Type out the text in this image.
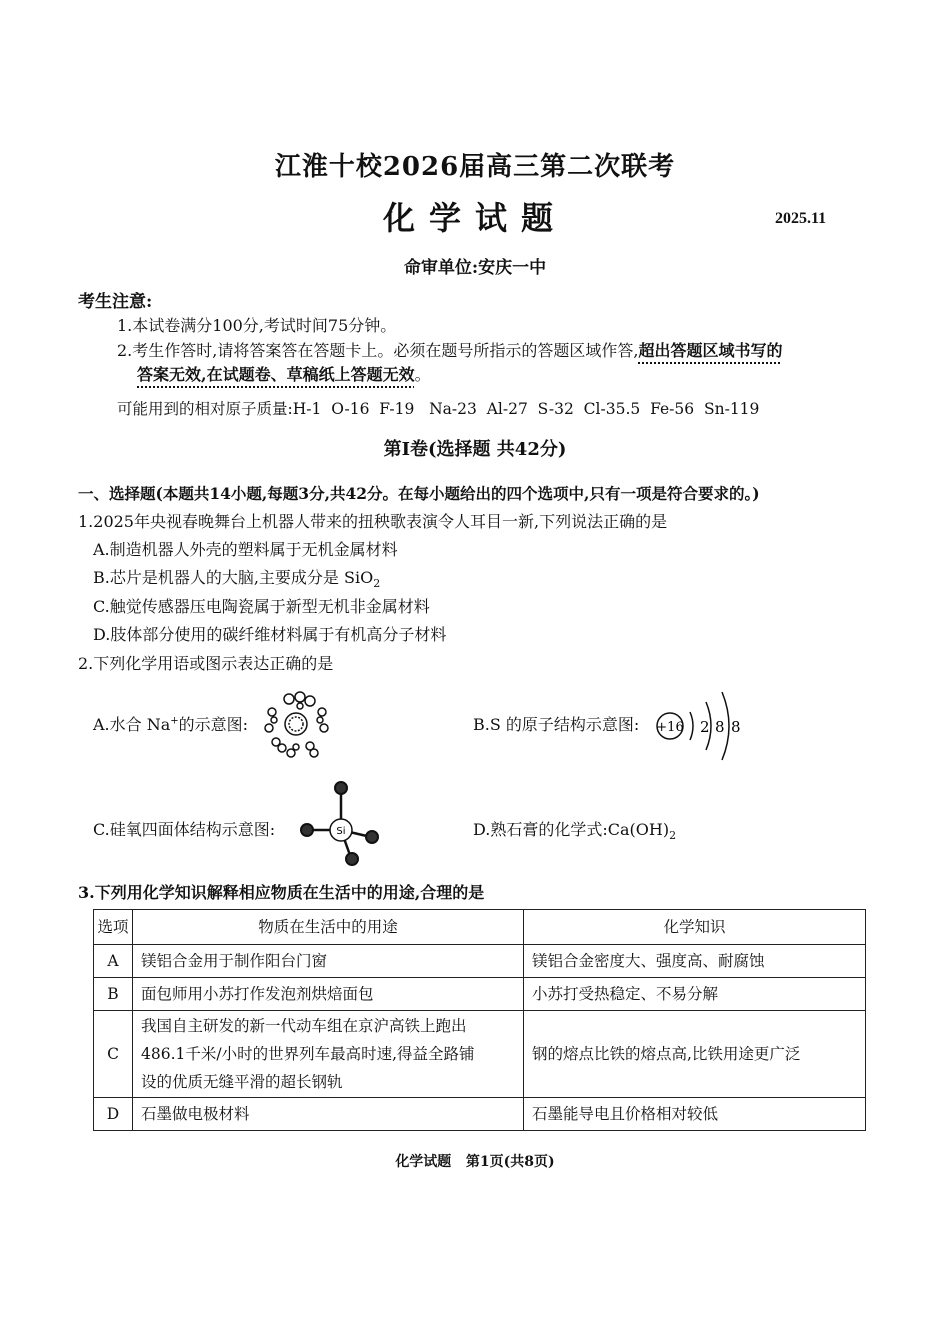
江淮十校2026届高三第二次联考
化学试题	2025.11
命审单位:安庆一中
考生注意:
1.本试卷满分100分,考试时间75分钟。
2.考生作答时,请将答案答在答题卡上。必须在题号所指示的答题区域作答,超出答题区域书写的
答案无效,在试题卷、草稿纸上答题无效。
可能用到的相对原子质量:H-1  O-16  F-19   Na-23  Al-27  S-32  Cl-35.5  Fe-56  Sn-119
第Ⅰ卷(选择题 共42分)
一、选择题(本题共14小题,每题3分,共42分。在每小题给出的四个选项中,只有一项是符合要求的。)
1.2025年央视春晚舞台上机器人带来的扭秧歌表演令人耳目一新,下列说法正确的是
A.制造机器人外壳的塑料属于无机金属材料
B.芯片是机器人的大脑,主要成分是 SiO$_2$
C.触觉传感器压电陶瓷属于新型无机非金属材料
D.肢体部分使用的碳纤维材料属于有机高分子材料
2.下列化学用语或图示表达正确的是
A.水合 Na+的示意图:	B.S 的原子结构示意图: +16 2 8 8
C.硅氧四面体结构示意图:	Si	D.熟石膏的化学式$:Ca(OH)_2$
3.下列用化学知识解释相应物质在生活中的用途,合理的是
选项	物质在生活中的用途	化学知识
A	镁铝合金用于制作阳台门窗	镁铝合金密度大、强度高、耐腐蚀
B	面包师用小苏打作发泡剂烘焙面包	小苏打受热稳定、不易分解
C	我国自主研发的新一代动车组在京沪高铁上跑出
486.1千米/小时的世界列车最高时速,得益全路铺
设的优质无缝平滑的超长钢轨	钢的熔点比铁的熔点高,比铁用途更广泛
D	石墨做电极材料	石墨能导电且价格相对较低
化学试题   第1页(共8页)
